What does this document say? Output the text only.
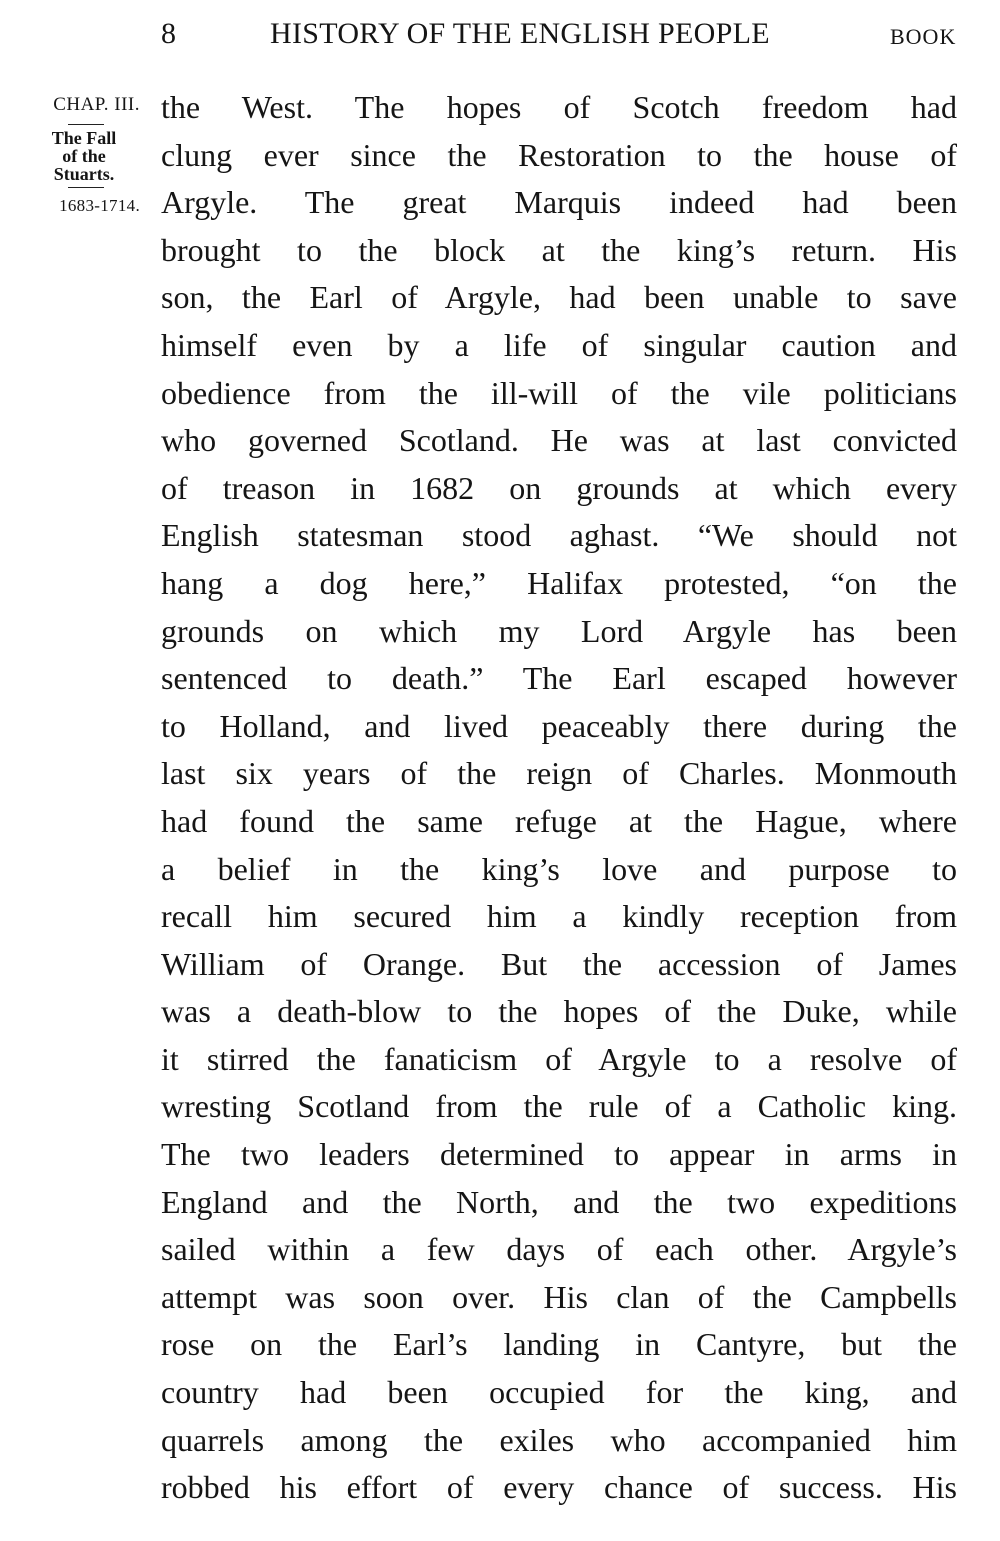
8	HISTORY OF THE ENGLISH PEOPLE	BOOK
CHAP. III.
The Fall
of the
Stuarts.
1683-1714.
the West. The hopes of Scotch freedom had
clung ever since the Restoration to the house of
Argyle. The great Marquis indeed had been
brought to the block at the king’s return. His
son, the Earl of Argyle, had been unable to save
himself even by a life of singular caution and
obedience from the ill-will of the vile politicians
who governed Scotland. He was at last convicted
of treason in 1682 on grounds at which every
English statesman stood aghast. “We should not
hang a dog here,” Halifax protested, “on the
grounds on which my Lord Argyle has been
sentenced to death.” The Earl escaped however
to Holland, and lived peaceably there during the
last six years of the reign of Charles. Monmouth
had found the same refuge at the Hague, where
a belief in the king’s love and purpose to
recall him secured him a kindly reception from
William of Orange. But the accession of James
was a death-blow to the hopes of the Duke, while
it stirred the fanaticism of Argyle to a resolve of
wresting Scotland from the rule of a Catholic king.
The two leaders determined to appear in arms in
England and the North, and the two expeditions
sailed within a few days of each other. Argyle’s
attempt was soon over. His clan of the Campbells
rose on the Earl’s landing in Cantyre, but the
country had been occupied for the king, and
quarrels among the exiles who accompanied him
robbed his effort of every chance of success. His
